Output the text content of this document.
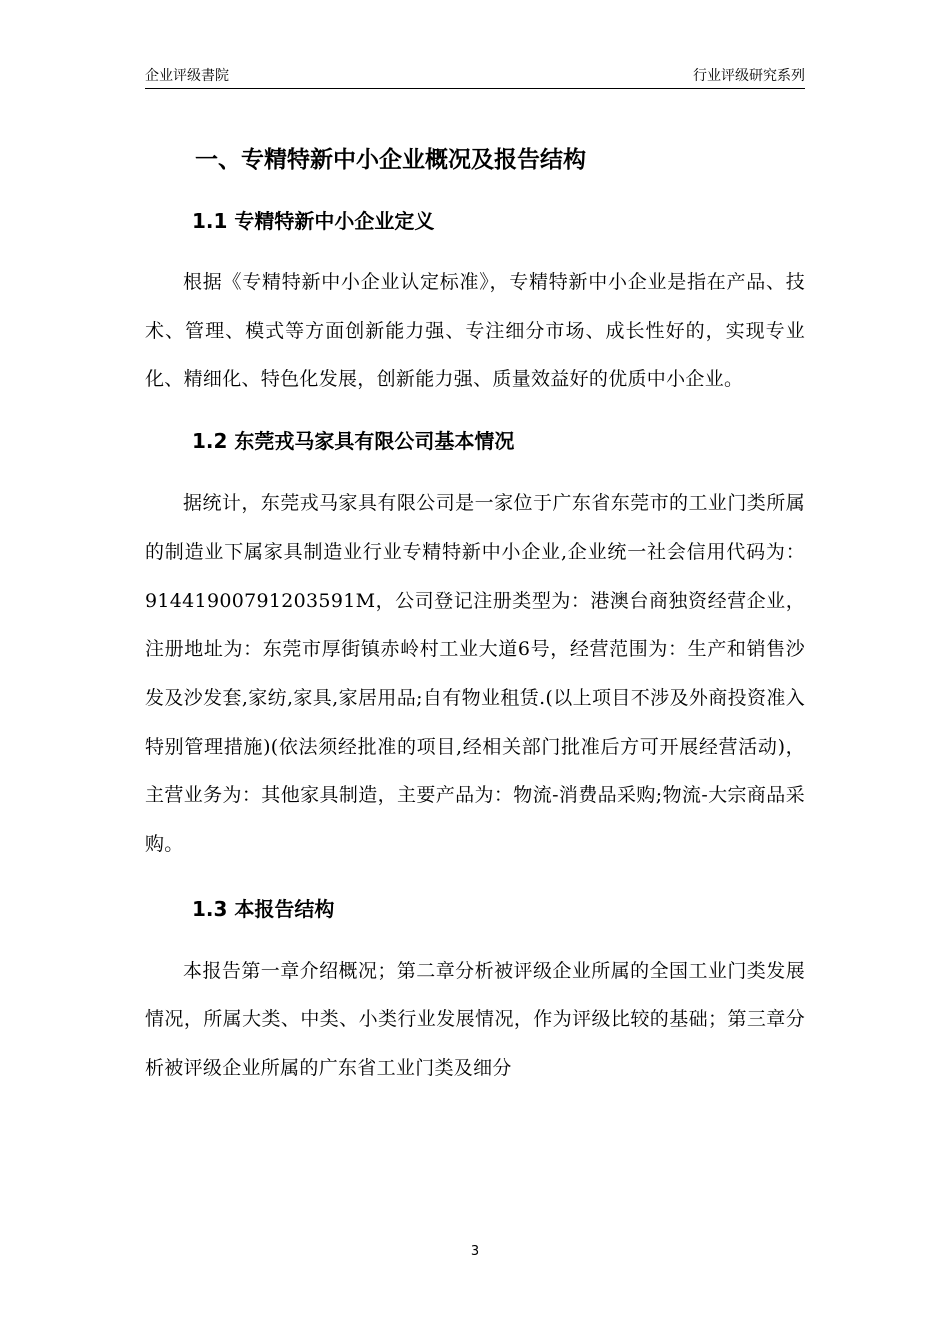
企业评级書院	行业评级研究系列
一、专精特新中小企业概况及报告结构
1.1 专精特新中小企业定义

根据《专精特新中小企业认定标准》，专精特新中小企业是指在产品、技术、管理、模式等方面创新能力强、专注细分市场、成长性好的，实现专业化、精细化、特色化发展，创新能力强、质量效益好的优质中小企业。

1.2 东莞戎马家具有限公司基本情况

据统计，东莞戎马家具有限公司是一家位于广东省东莞市的工业门类所属的制造业下属家具制造业行业专精特新中小企业,企业统一社会信用代码为：91441900791203591M，公司登记注册类型为：港澳台商独资经营企业，注册地址为：东莞市厚街镇赤岭村工业大道6号，经营范围为：生产和销售沙发及沙发套,家纺,家具,家居用品;自有物业租赁.(以上项目不涉及外商投资准入特别管理措施)(依法须经批准的项目,经相关部门批准后方可开展经营活动)，主营业务为：其他家具制造，主要产品为：物流-消费品采购;物流-大宗商品采购。

1.3 本报告结构

本报告第一章介绍概况；第二章分析被评级企业所属的全国工业门类发展情况，所属大类、中类、小类行业发展情况，作为评级比较的基础；第三章分析被评级企业所属的广东省工业门类及细分

3
